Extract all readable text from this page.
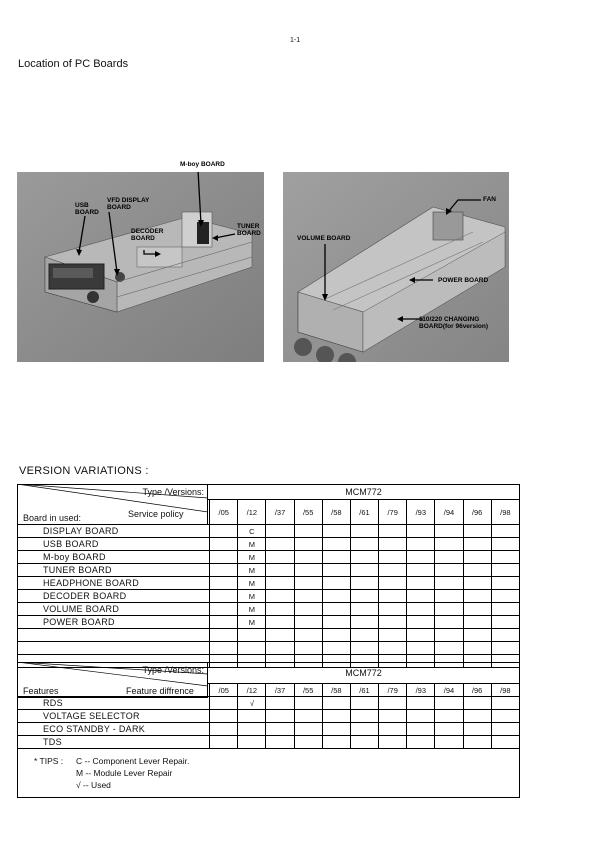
1-1
Location of PC Boards
USB
BOARD
VFD DISPLAY
BOARD
DECODER
BOARD
TUNER
BOARD
M-boy BOARD
FAN
VOLUME BOARD
POWER BOARD
110/220 CHANGING
BOARD(for 96version)
VERSION VARIATIONS :
Type /Versions:
Service policy
Board in used:
MCM772
	/05	/12	/37	/55	/58	/61	/79	/93	/94	/96	/98
DISPLAY BOARD		C									
USB BOARD		M									
M-boy BOARD		M									
TUNER BOARD		M									
HEADPHONE BOARD		M									
DECODER BOARD		M									
VOLUME BOARD		M									
POWER BOARD		M									

Type /Versions:
Feature diffrence
Features
MCM772
	/05	/12	/37	/55	/58	/61	/79	/93	/94	/96	/98
RDS		√									
VOLTAGE SELECTOR											
ECO STANDBY - DARK											
TDS											
* TIPS : C -- Component Lever Repair.
M -- Module Lever Repair
√ -- Used
